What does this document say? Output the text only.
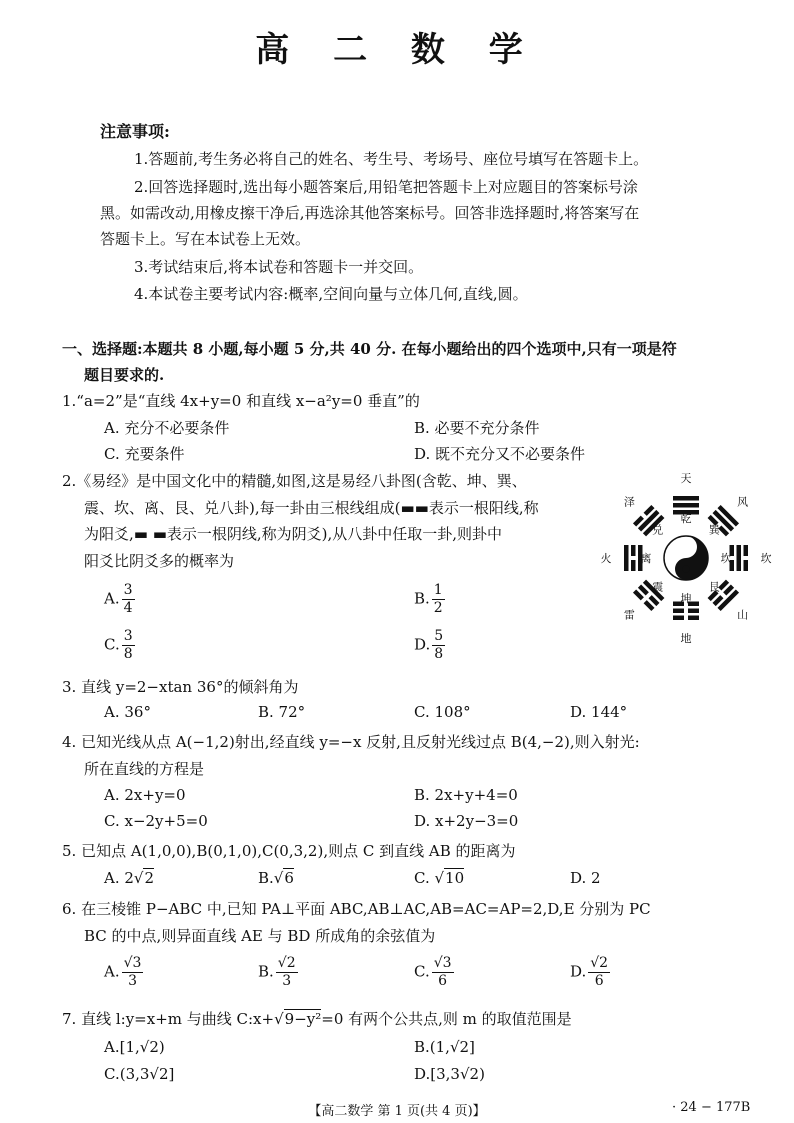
高 二 数 学
注意事项:
1.答题前,考生务必将自己的姓名、考生号、考场号、座位号填写在答题卡上。
2.回答选择题时,选出每小题答案后,用铅笔把答题卡上对应题目的答案标号涂
黑。如需改动,用橡皮擦干净后,再选涂其他答案标号。回答非选择题时,将答案写在
答题卡上。写在本试卷上无效。
3.考试结束后,将本试卷和答题卡一并交回。
4.本试卷主要考试内容:概率,空间向量与立体几何,直线,圆。
一、选择题:本题共 8 小题,每小题 5 分,共 40 分. 在每小题给出的四个选项中,只有一项是符
题目要求的.
1.“a=2”是“直线 4x+y=0 和直线 x−a²y=0 垂直”的
A. 充分不必要条件	B. 必要不充分条件
C. 充要条件	D. 既不充分又不必要条件
2.《易经》是中国文化中的精髓,如图,这是易经八卦图(含乾、坤、巽、
震、坎、离、艮、兑八卦),每一卦由三根线组成(▬▬表示一根阳线,称
为阳爻,▬ ▬表示一根阴线,称为阴爻),从八卦中任取一卦,则卦中
阳爻比阴爻多的概率为
A. $\frac{3}{4}$	B. $\frac{1}{2}$
C. $\frac{3}{8}$	D. $\frac{5}{8}$
天
风
坎
山
地
雷
火
泽
乾
巽
坎
艮
坤
震
离
兑
3. 直线 y=2−xtan 36°的倾斜角为
A. 36°	B. 72°	C. 108°	D. 144°
4. 已知光线从点 A(−1,2)射出,经直线 y=−x 反射,且反射光线过点 B(4,−2),则入射光:
所在直线的方程是
A. 2x+y=0	B. 2x+y+4=0
C. x−2y+5=0	D. x+2y−3=0
5. 已知点 A(1,0,0),B(0,1,0),C(0,3,2),则点 C 到直线 AB 的距离为
A. 2√2	B.√6	C. √10	D. 2
6. 在三棱锥 P−ABC 中,已知 PA⊥平面 ABC,AB⊥AC,AB=AC=AP=2,D,E 分别为 PC
BC 的中点,则异面直线 AE 与 BD 所成角的余弦值为
A. $\frac{√3}{3}$	B. $\frac{√2}{3}$	C. $\frac{√3}{6}$	D. $\frac{√2}{6}$
7. 直线 l:y=x+m 与曲线 C:x+√9−y²=0 有两个公共点,则 m 的取值范围是
A.[1,√2)	B.(1,√2]
C.(3,3√2]	D.[3,3√2)
【高二数学 第 1 页(共 4 页)】	· 24 − 177B
